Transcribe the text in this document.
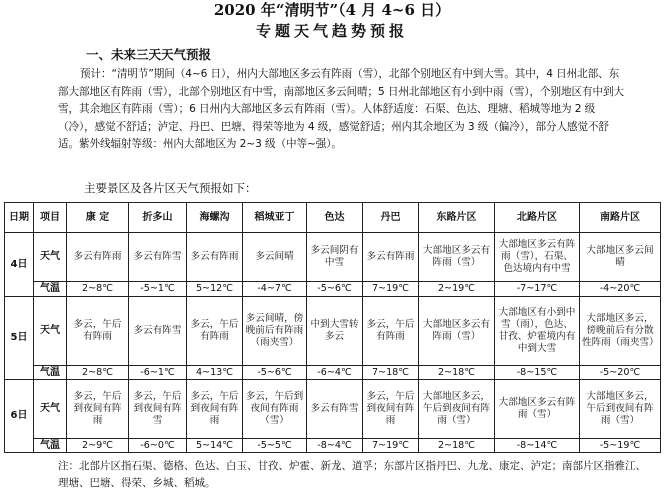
2020 年“清明节”（4 月 4~6 日）
专题天气趋势预报
一、未来三天天气预报
预计：“清明节”期间（4~6 日），州内大部地区多云有阵雨（雪），北部个别地区有中到大雪。其中，4 日州北部、东部大部地区有阵雨（雪），北部个别地区有中雪，南部地区多云间晴；5 日州北部地区有小到中雨（雪），个别地区有中到大雪，其余地区有阵雨（雪）；6 日州内大部地区多云有阵雨（雪）。人体舒适度：石渠、色达、理塘、稻城等地为 2 级（冷），感觉不舒适；泸定、丹巴、巴塘、得荣等地为 4 级，感觉舒适；州内其余地区为 3 级（偏冷），部分人感觉不舒适。紫外线辐射等级：州内大部地区为 2~3 级（中等~强）。
主要景区及各片区天气预报如下：
日期	项目	康 定	折多山	海螺沟	稻城亚丁	色达	丹巴	东路片区	北路片区	南路片区
4日	天气	多云有阵雨	多云有阵雪	多云有阵雨	多云间晴	多云间阴有中雪	多云有阵雨	大部地区多云有阵雨（雪）	大部地区多云有阵雨（雪），石渠、色达境内有中雪	大部地区多云间晴
	气温	2~8℃	-5~1℃	5~12℃	-4~7℃	-5~6℃	7~19℃	2~19℃	-7~17℃	-4~20℃
5日	天气	多云，午后有阵雨	多云有阵雪	多云，午后有阵雨	多云间晴，傍晚前后有阵雨（雨夹雪）	中到大雪转多云	多云，午后有阵雨	大部地区多云有阵雨（雪）	大部地区有小到中雪（雨），色达、甘孜、炉霍境内有中到大雪	大部地区多云，傍晚前后有分散性阵雨（雨夹雪）
	气温	2~8℃	-6~1℃	4~13℃	-5~6℃	-6~4℃	7~18℃	2~18℃	-8~15℃	-5~20℃
6日	天气	多云，午后到夜间有阵雨	多云，午后到夜间有阵雪	多云，午后到夜间有阵雨	多云，午后到夜间有阵雨（雪）	多云有阵雪	多云，午后到夜间有阵雨	大部地区多云，午后到夜间有阵雨（雪）	大部地区多云有阵雨（雪）	大部地区多云，午后到夜间有阵雨（雪）
	气温	2~9℃	-6~0℃	5~14℃	-5~5℃	-8~4℃	7~19℃	2~18℃	-8~14℃	-5~19℃
注：北部片区指石渠、德格、色达、白玉、甘孜、炉霍、新龙、道孚；东部片区指丹巴、九龙、康定、泸定；南部片区指雅江、理塘、巴塘、得荣、乡城、稻城。
